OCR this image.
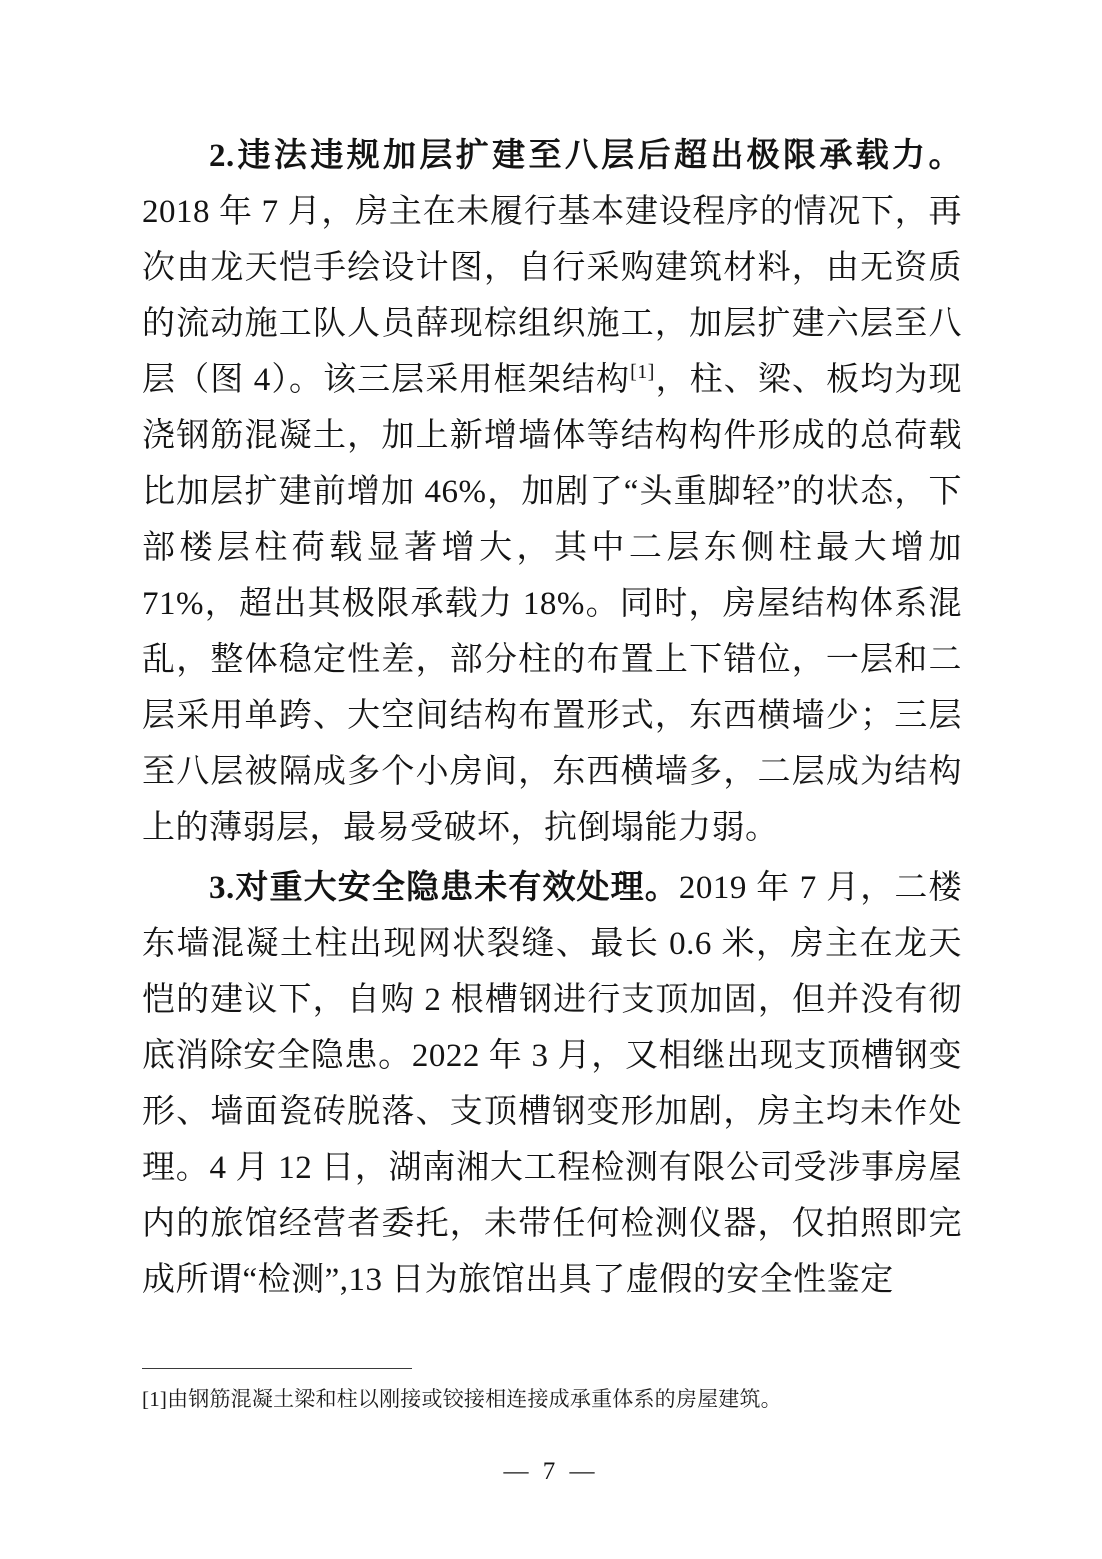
  2.违法违规加层扩建至八层后超出极限承载力。2018 年 7 月，房主在未履行基本建设程序的情况下，再次由龙天恺手绘设计图，自行采购建筑材料，由无资质的流动施工队人员薛现棕组织施工，加层扩建六层至八层（图 4）。该三层采用框架结构[1]，柱、梁、板均为现浇钢筋混凝土，加上新增墙体等结构构件形成的总荷载比加层扩建前增加 46%，加剧了“头重脚轻”的状态，下部楼层柱荷载显著增大，其中二层东侧柱最大增加 71%，超出其极限承载力 18%。同时，房屋结构体系混乱，整体稳定性差，部分柱的布置上下错位，一层和二层采用单跨、大空间结构布置形式，东西横墙少；三层至八层被隔成多个小房间，东西横墙多，二层成为结构上的薄弱层，最易受破坏，抗倒塌能力弱。

  3.对重大安全隐患未有效处理。2019 年 7 月，二楼东墙混凝土柱出现网状裂缝、最长 0.6 米，房主在龙天恺的建议下，自购 2 根槽钢进行支顶加固，但并没有彻底消除安全隐患。2022 年 3 月，又相继出现支顶槽钢变形、墙面瓷砖脱落、支顶槽钢变形加剧，房主均未作处理。4 月 12 日，湖南湘大工程检测有限公司受涉事房屋内的旅馆经营者委托，未带任何检测仪器，仅拍照即完成所谓“检测”,13 日为旅馆出具了虚假的安全性鉴定

[1]由钢筋混凝土梁和柱以刚接或铰接相连接成承重体系的房屋建筑。
— 7 —
